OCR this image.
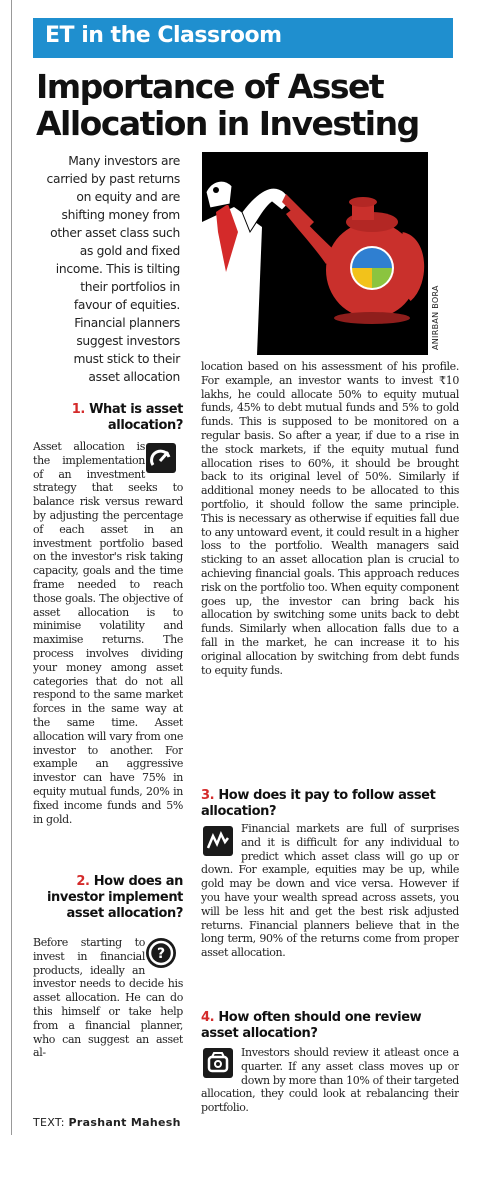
ET in the Classroom
Importance of Asset Allocation in Investing
Many investors are carried by past returns on equity and are shifting money from other asset class such as gold and fixed income. This is tilting their portfolios in favour of equities. Financial planners suggest investors must stick to their asset allocation
ANIRBAN BORA
1. What is asset allocation?

Asset allocation is the implementation of an investment strategy that seeks to balance risk versus reward by adjusting the percentage of each asset in an investment portfolio based on the investor's risk taking capacity, goals and the time frame needed to reach those goals. The objective of asset allocation is to minimise volatility and maximise returns. The process involves dividing your money among asset categories that do not all respond to the same market forces in the same way at the same time. Asset allocation will vary from one investor to another. For example an aggressive investor can have 75% in equity mutual funds, 20% in fixed income funds and 5% in gold.

2. How does an investor implement asset allocation?
?

Before starting to invest in financial products, ideally an investor needs to decide his asset allocation. He can do this himself or take help from a financial planner, who can suggest an asset al-

location based on his assessment of his profile. For example, an investor wants to invest ₹10 lakhs, he could allocate 50% to equity mutual funds, 45% to debt mutual funds and 5% to gold funds. This is supposed to be monitored on a regular basis. So after a year, if due to a rise in the stock markets, if the equity mutual fund allocation rises to 60%, it should be brought back to its original level of 50%. Similarly if additional money needs to be allocated to this portfolio, it should follow the same principle. This is necessary as otherwise if equities fall due to any untoward event, it could result in a higher loss to the portfolio. Wealth managers said sticking to an asset allocation plan is crucial to achieving financial goals. This approach reduces risk on the portfolio too. When equity component goes up, the investor can bring back his allocation by switching some units back to debt funds. Similarly when allocation falls due to a fall in the market, he can increase it to his original allocation by switching from debt funds to equity funds.

3. How does it pay to follow asset allocation?

Financial markets are full of surprises and it is difficult for any individual to predict which asset class will go up or down. For example, equities may be up, while gold may be down and vice versa. However if you have your wealth spread across assets, you will be less hit and get the best risk adjusted returns. Financial planners believe that in the long term, 90% of the returns come from proper asset allocation.

4. How often should one review asset allocation?

Investors should review it atleast once a quarter. If any asset class moves up or down by more than 10% of their targeted allocation, they could look at rebalancing their portfolio.

TEXT: Prashant Mahesh
